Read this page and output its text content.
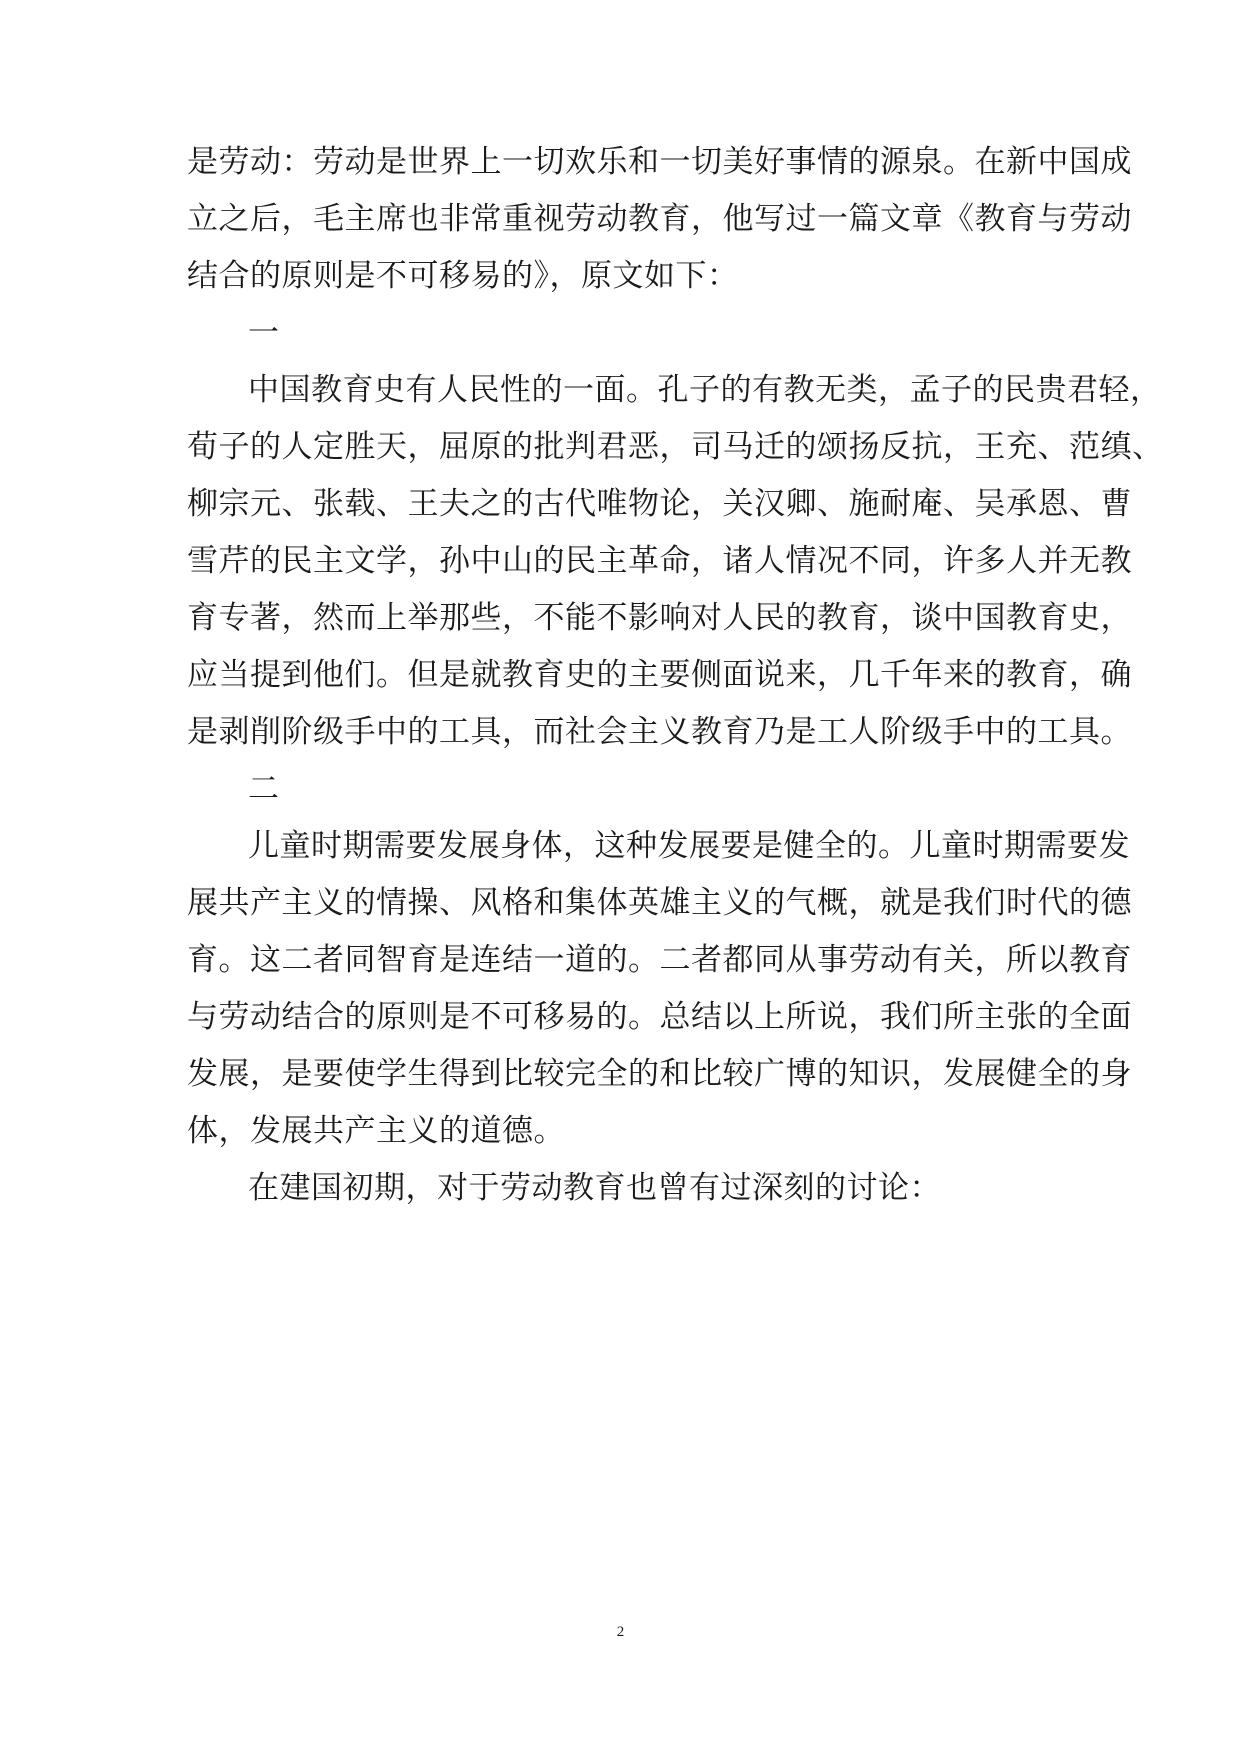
是劳动：劳动是世界上一切欢乐和一切美好事情的源泉。在新中国成
立之后，毛主席也非常重视劳动教育，他写过一篇文章《教育与劳动
结合的原则是不可移易的》，原文如下：
一
中国教育史有人民性的一面。孔子的有教无类，孟子的民贵君轻，
荀子的人定胜天，屈原的批判君恶，司马迁的颂扬反抗，王充、范缜、
柳宗元、张载、王夫之的古代唯物论，关汉卿、施耐庵、吴承恩、曹
雪芹的民主文学，孙中山的民主革命，诸人情况不同，许多人并无教
育专著，然而上举那些，不能不影响对人民的教育，谈中国教育史，
应当提到他们。但是就教育史的主要侧面说来，几千年来的教育，确
是剥削阶级手中的工具，而社会主义教育乃是工人阶级手中的工具。
二
儿童时期需要发展身体，这种发展要是健全的。儿童时期需要发
展共产主义的情操、风格和集体英雄主义的气概，就是我们时代的德
育。这二者同智育是连结一道的。二者都同从事劳动有关，所以教育
与劳动结合的原则是不可移易的。总结以上所说，我们所主张的全面
发展，是要使学生得到比较完全的和比较广博的知识，发展健全的身
体，发展共产主义的道德。
在建国初期，对于劳动教育也曾有过深刻的讨论：
2
